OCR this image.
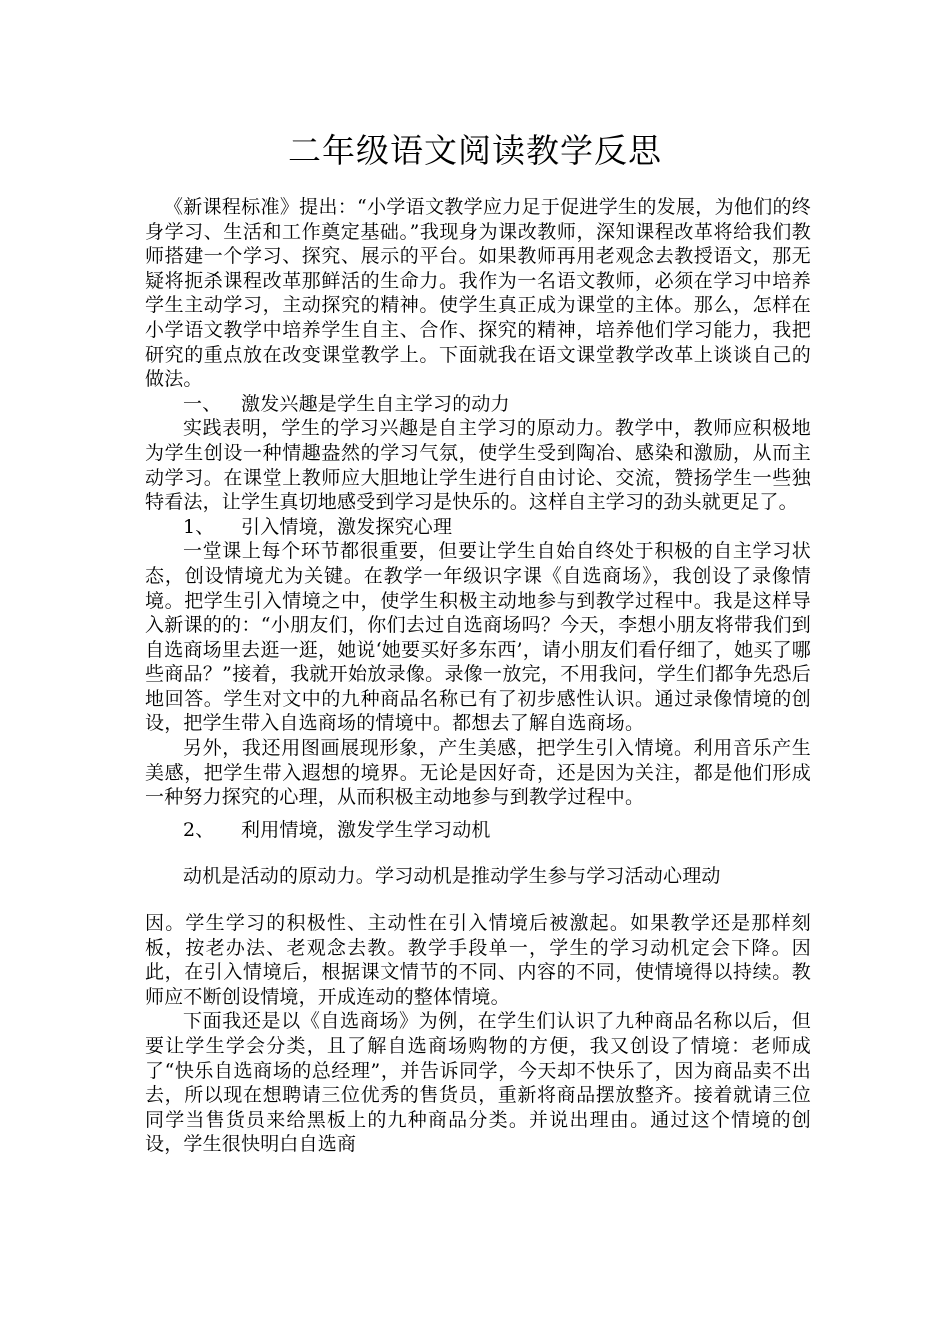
二年级语文阅读教学反思

《新课程标准》提出：“小学语文教学应力足于促进学生的发展，为他们的终身学习、生活和工作奠定基础。”我现身为课改教师，深知课程改革将给我们教师搭建一个学习、探究、展示的平台。如果教师再用老观念去教授语文，那无疑将扼杀课程改革那鲜活的生命力。我作为一名语文教师，必须在学习中培养学生主动学习，主动探究的精神。使学生真正成为课堂的主体。那么，怎样在小学语文教学中培养学生自主、合作、探究的精神，培养他们学习能力，我把研究的重点放在改变课堂教学上。下面就我在语文课堂教学改革上谈谈自己的做法。

一、 激发兴趣是学生自主学习的动力

实践表明，学生的学习兴趣是自主学习的原动力。教学中，教师应积极地为学生创设一种情趣盎然的学习气氛，使学生受到陶冶、感染和激励，从而主动学习。在课堂上教师应大胆地让学生进行自由讨论、交流，赞扬学生一些独特看法，让学生真切地感受到学习是快乐的。这样自主学习的劲头就更足了。

1、 引入情境，激发探究心理

一堂课上每个环节都很重要，但要让学生自始自终处于积极的自主学习状态，创设情境尤为关键。在教学一年级识字课《自选商场》，我创设了录像情境。把学生引入情境之中，使学生积极主动地参与到教学过程中。我是这样导入新课的的：“小朋友们，你们去过自选商场吗？今天，李想小朋友将带我们到自选商场里去逛一逛，她说‘她要买好多东西’，请小朋友们看仔细了，她买了哪些商品？”接着，我就开始放录像。录像一放完，不用我问，学生们都争先恐后地回答。学生对文中的九种商品名称已有了初步感性认识。通过录像情境的创设，把学生带入自选商场的情境中。都想去了解自选商场。

另外，我还用图画展现形象，产生美感，把学生引入情境。利用音乐产生美感，把学生带入遐想的境界。无论是因好奇，还是因为关注，都是他们形成一种努力探究的心理，从而积极主动地参与到教学过程中。

2、 利用情境，激发学生学习动机

动机是活动的原动力。学习动机是推动学生参与学习活动心理动

因。学生学习的积极性、主动性在引入情境后被激起。如果教学还是那样刻板，按老办法、老观念去教。教学手段单一，学生的学习动机定会下降。因此，在引入情境后，根据课文情节的不同、内容的不同，使情境得以持续。教师应不断创设情境，开成连动的整体情境。

下面我还是以《自选商场》为例，在学生们认识了九种商品名称以后，但要让学生学会分类，且了解自选商场购物的方便，我又创设了情境：老师成了“快乐自选商场的总经理”，并告诉同学，今天却不快乐了，因为商品卖不出去，所以现在想聘请三位优秀的售货员，重新将商品摆放整齐。接着就请三位同学当售货员来给黑板上的九种商品分类。并说出理由。通过这个情境的创设，学生很快明白自选商
